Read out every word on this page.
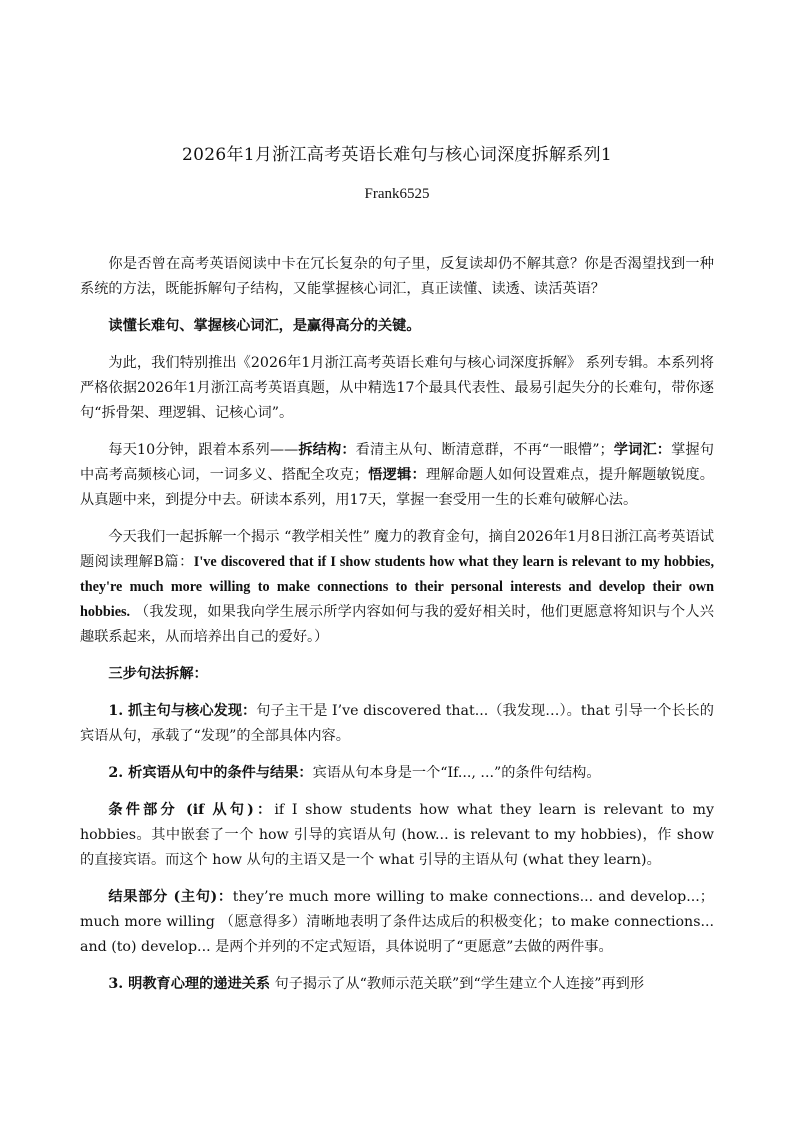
2026年1月浙江高考英语长难句与核心词深度拆解系列1
Frank6525

你是否曾在高考英语阅读中卡在冗长复杂的句子里，反复读却仍不解其意？你是否渴望找到一种系统的方法，既能拆解句子结构，又能掌握核心词汇，真正读懂、读透、读活英语？

读懂长难句、掌握核心词汇，是赢得高分的关键。

为此，我们特别推出《2026年1月浙江高考英语长难句与核心词深度拆解》 系列专辑。本系列将严格依据2026年1月浙江高考英语真题，从中精选17个最具代表性、最易引起失分的长难句，带你逐句“拆骨架、理逻辑、记核心词”。

每天10分钟，跟着本系列——拆结构：看清主从句、断清意群，不再“一眼懵”；学词汇：掌握句中高考高频核心词，一词多义、搭配全攻克；悟逻辑：理解命题人如何设置难点，提升解题敏锐度。从真题中来，到提分中去。研读本系列，用17天，掌握一套受用一生的长难句破解心法。

今天我们一起拆解一个揭示 “教学相关性” 魔力的教育金句，摘自2026年1月8日浙江高考英语试题阅读理解B篇：I've discovered that if I show students how what they learn is relevant to my hobbies, they're much more willing to make connections to their personal interests and develop their own hobbies. （我发现，如果我向学生展示所学内容如何与我的爱好相关时，他们更愿意将知识与个人兴趣联系起来，从而培养出自己的爱好。）

三步句法拆解：

1. 抓主句与核心发现：句子主干是 I’ve discovered that...（我发现…）。that 引导一个长长的宾语从句，承载了“发现”的全部具体内容。

2. 析宾语从句中的条件与结果：宾语从句本身是一个“If..., ...”的条件句结构。

条件部分 (if 从句)：if I show students how what they learn is relevant to my hobbies。其中嵌套了一个 how 引导的宾语从句 (how... is relevant to my hobbies)，作 show 的直接宾语。而这个 how 从句的主语又是一个 what 引导的主语从句 (what they learn)。

结果部分 (主句)：they’re much more willing to make connections... and develop...；much more willing （愿意得多）清晰地表明了条件达成后的积极变化；to make connections... and (to) develop... 是两个并列的不定式短语，具体说明了“更愿意”去做的两件事。

3. 明教育心理的递进关系 句子揭示了从“教师示范关联”到“学生建立个人连接”再到形
